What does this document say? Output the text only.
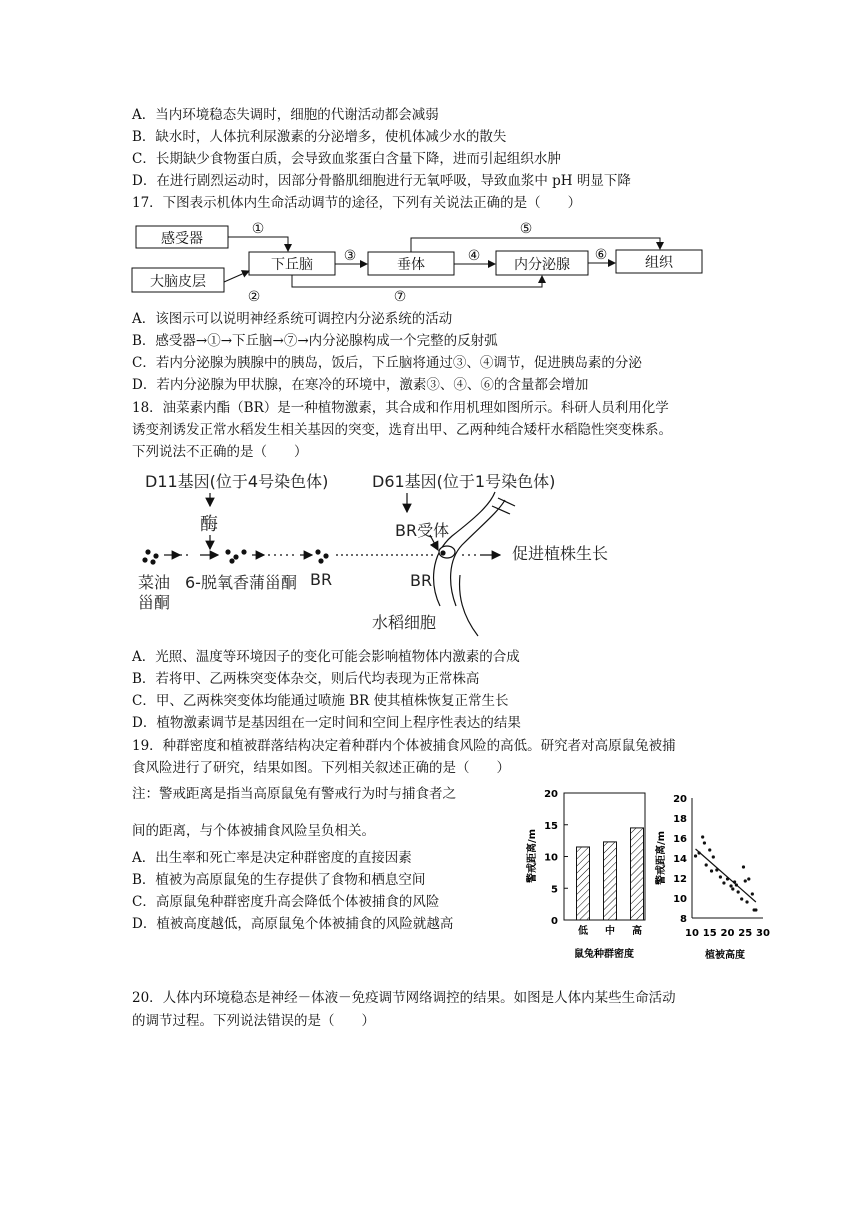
A．当内环境稳态失调时，细胞的代谢活动都会减弱
B．缺水时，人体抗利尿激素的分泌增多，使机体减少水的散失
C．长期缺少食物蛋白质，会导致血浆蛋白含量下降，进而引起组织水肿
D．在进行剧烈运动时，因部分骨骼肌细胞进行无氧呼吸，导致血浆中 pH 明显下降
17．下图表示机体内生命活动调节的途径，下列有关说法正确的是（　　）
感受器
大脑皮层
下丘脑	垂体	内分泌腺	组织
①
②
③	④
⑤
⑥
⑦
A．该图示可以说明神经系统可调控内分泌系统的活动
B．感受器→①→下丘脑→⑦→内分泌腺构成一个完整的反射弧
C．若内分泌腺为胰腺中的胰岛，饭后，下丘脑将通过③、④调节，促进胰岛素的分泌
D．若内分泌腺为甲状腺，在寒冷的环境中，激素③、④、⑥的含量都会增加
18．油菜素内酯（BR）是一种植物激素，其合成和作用机理如图所示。科研人员利用化学
诱变剂诱发正常水稻发生相关基因的突变，选育出甲、乙两种纯合矮杆水稻隐性突变株系。
下列说法不正确的是（　　）
D11基因(位于4号染色体)	D61基因(位于1号染色体)
酶	BR受体
促进植株生长
菜油
甾酮
6-脱氧香蒲甾酮 BR	BR
水稻细胞
A．光照、温度等环境因子的变化可能会影响植物体内激素的合成
B．若将甲、乙两株突变体杂交，则后代均表现为正常株高
C．甲、乙两株突变体均能通过喷施 BR 使其植株恢复正常生长
D．植物激素调节是基因组在一定时间和空间上程序性表达的结果
19．种群密度和植被群落结构决定着种群内个体被捕食风险的高低。研究者对高原鼠兔被捕
食风险进行了研究，结果如图。下列相关叙述正确的是（　　）
注：警戒距离是指当高原鼠兔有警戒行为时与捕食者之
间的距离，与个体被捕食风险呈负相关。
A．出生率和死亡率是决定种群密度的直接因素
B．植被为高原鼠兔的生存提供了食物和栖息空间
C．高原鼠兔种群密度升高会降低个体被捕食的风险
D．植被高度越低，高原鼠兔个体被捕食的风险就越高	0
5
10
15
20
低 中 高
警戒距离/m
鼠兔种群密度
8
10
12
14
16
18
20
10 15 20 25 30
警戒距离/m
植被高度
20．人体内环境稳态是神经－体液－免疫调节网络调控的结果。如图是人体内某些生命活动
的调节过程。下列说法错误的是（　　）
